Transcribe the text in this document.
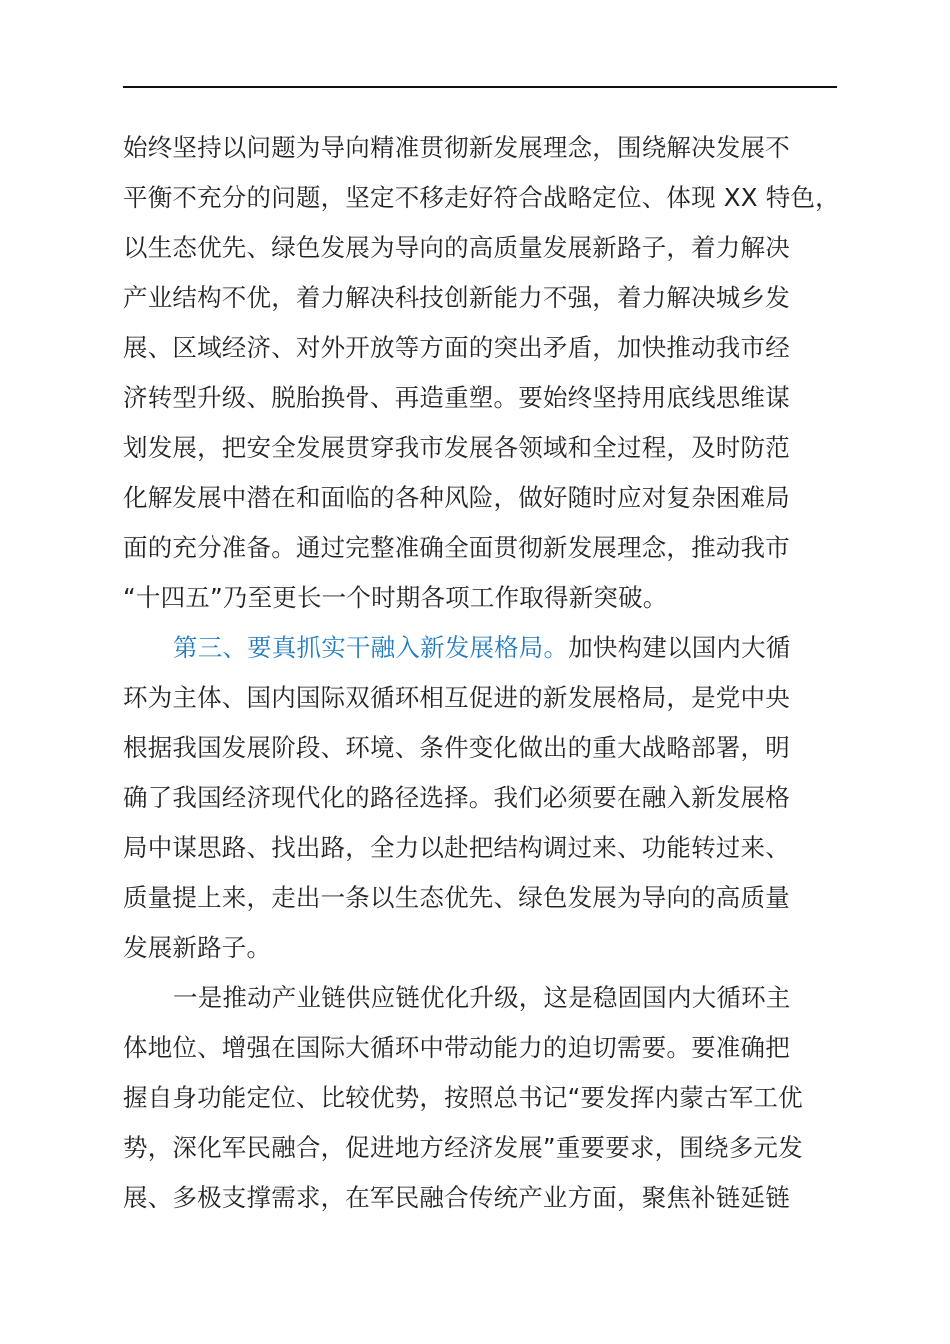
始终坚持以问题为导向精准贯彻新发展理念，围绕解决发展不
平衡不充分的问题，坚定不移走好符合战略定位、体现 XX 特色，
以生态优先、绿色发展为导向的高质量发展新路子，着力解决
产业结构不优，着力解决科技创新能力不强，着力解决城乡发
展、区域经济、对外开放等方面的突出矛盾，加快推动我市经
济转型升级、脱胎换骨、再造重塑。要始终坚持用底线思维谋
划发展，把安全发展贯穿我市发展各领域和全过程，及时防范
化解发展中潜在和面临的各种风险，做好随时应对复杂困难局
面的充分准备。通过完整准确全面贯彻新发展理念，推动我市
“十四五”乃至更长一个时期各项工作取得新突破。
第三、要真抓实干融入新发展格局。加快构建以国内大循
环为主体、国内国际双循环相互促进的新发展格局，是党中央
根据我国发展阶段、环境、条件变化做出的重大战略部署，明
确了我国经济现代化的路径选择。我们必须要在融入新发展格
局中谋思路、找出路，全力以赴把结构调过来、功能转过来、
质量提上来，走出一条以生态优先、绿色发展为导向的高质量
发展新路子。
一是推动产业链供应链优化升级，这是稳固国内大循环主
体地位、增强在国际大循环中带动能力的迫切需要。要准确把
握自身功能定位、比较优势，按照总书记“要发挥内蒙古军工优
势，深化军民融合，促进地方经济发展”重要要求，围绕多元发
展、多极支撑需求，在军民融合传统产业方面，聚焦补链延链
